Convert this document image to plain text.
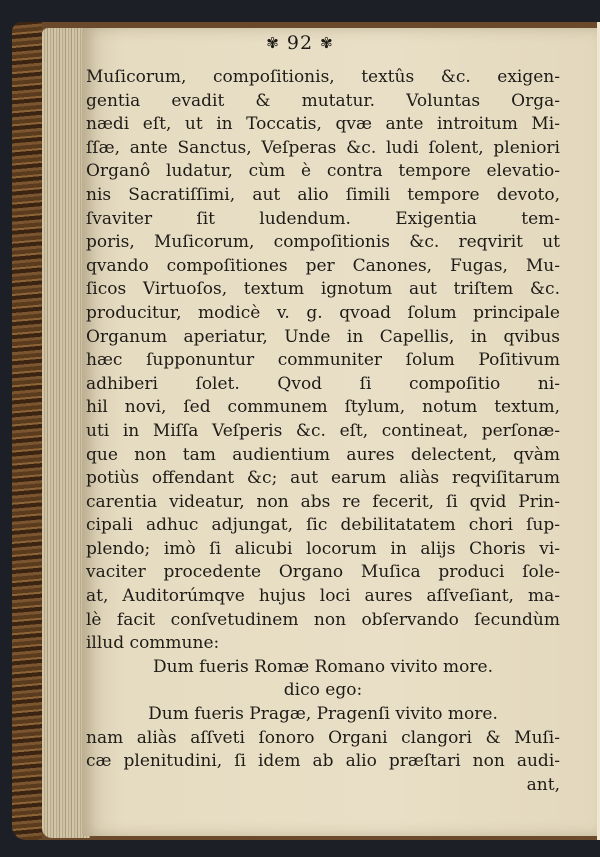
✾ 92 ✾
Muſicorum, compoſitionis, textûs &c. exigen-
gentia evadit & mutatur. Voluntas Orga-
nædi eſt, ut in Toccatis, qvæ ante introitum Mi-
ſſæ, ante Sanctus, Veſperas &c. ludi ſolent, pleniori
Organô ludatur, cùm è contra tempore elevatio-
nis Sacratiſſimi, aut alio ſimili tempore devoto,
ſvaviter ſit ludendum. Exigentia tem-
poris, Muſicorum, compoſitionis &c. reqvirit ut
qvando compoſitiones per Canones, Fugas, Mu-
ſicos Virtuoſos, textum ignotum aut triſtem &c.
producitur, modicè v. g. qvoad ſolum principale
Organum aperiatur, Unde in Capellis, in qvibus
hæc ſupponuntur communiter ſolum Poſitivum
adhiberi ſolet. Qvod ſi compoſitio ni-
hil novi, ſed communem ſtylum, notum textum,
uti in Miſſa Veſperis &c. eſt, contineat, perſonæ-
que non tam audientium aures delectent, qvàm
potiùs offendant &c; aut earum aliàs reqviſitarum
carentia videatur, non abs re fecerit, ſi qvid Prin-
cipali adhuc adjungat, ſic debilitatatem chori ſup-
plendo; imò ſi alicubi locorum in alijs Choris vi-
vaciter procedente Organo Muſica produci ſole-
at, Auditorúmqve hujus loci aures aſſveſiant, ma-
lè facit conſvetudinem non obſervando ſecundùm
illud commune:
Dum fueris Romæ Romano vivito more.
dico ego:
Dum fueris Pragæ, Pragenſi vivito more.
nam aliàs aſſveti ſonoro Organi clangori & Muſi-
cæ plenitudini, ſi idem ab alio præſtari non audi-
ant,
